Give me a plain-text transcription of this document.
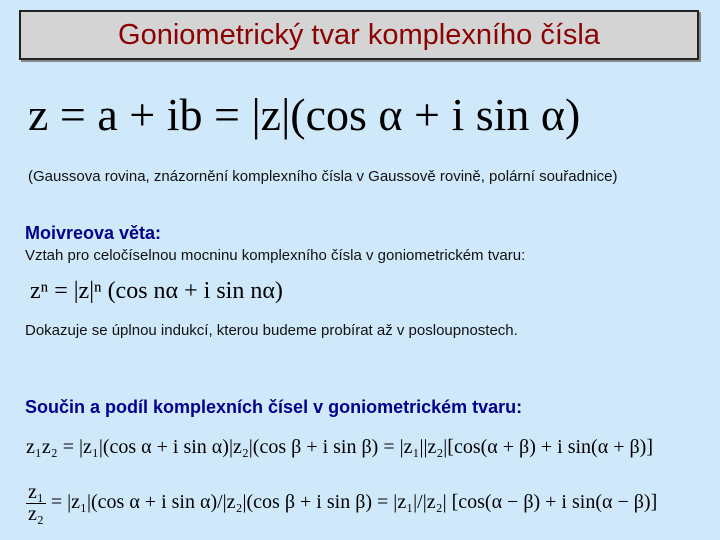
Goniometrický tvar komplexního čísla
z = a + ib = |z|(cos α + i sin α)
(Gaussova rovina, znázornění komplexního čísla v Gaussově rovině, polární souřadnice)
Moivreova věta:
Vztah pro celočíselnou mocninu komplexního čísla v goniometrickém tvaru:
zⁿ = |z|ⁿ (cos nα + i sin nα)
Dokazuje se úplnou indukcí, kterou budeme probírat až v posloupnostech.
Součin a podíl komplexních čísel v goniometrickém tvaru:
z₁z₂ = |z₁|(cos α + i sin α)|z₂|(cos β + i sin β) = |z₁||z₂|[cos(α + β) + i sin(α + β)]
$\frac{\text{z₁}}{\text{z₂}} = |z_1|(\cos$ α + i sin α)/|z₂|(cos β + i sin β) = |z₁|/|z₂| [cos(α − β) + i sin(α − β)]
